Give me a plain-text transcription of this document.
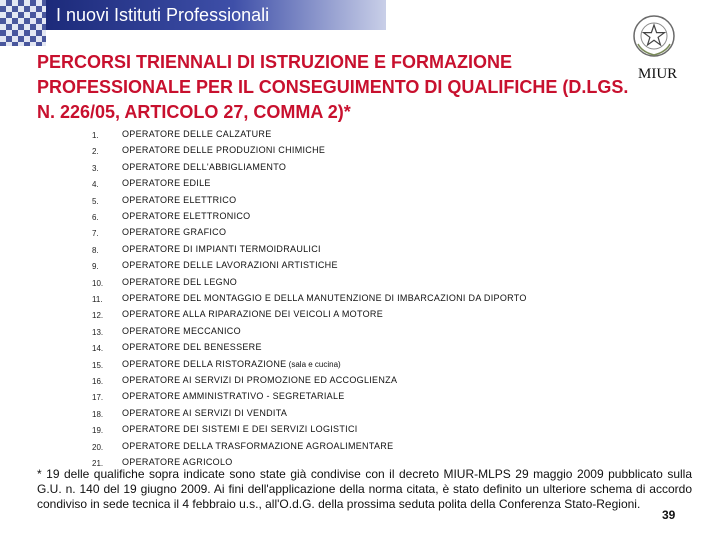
I nuovi Istituti Professionali
PERCORSI TRIENNALI DI ISTRUZIONE E FORMAZIONE PROFESSIONALE PER IL CONSEGUIMENTO DI QUALIFICHE (D.LGS. N. 226/05, ARTICOLO 27, COMMA 2)*
MIUR
1.	OPERATORE DELLE CALZATURE
2.	OPERATORE DELLE PRODUZIONI CHIMICHE
3.	OPERATORE DELL'ABBIGLIAMENTO
4.	OPERATORE EDILE
5.	OPERATORE ELETTRICO
6.	OPERATORE ELETTRONICO
7.	OPERATORE GRAFICO
8.	OPERATORE DI IMPIANTI TERMOIDRAULICI
9.	OPERATORE DELLE LAVORAZIONI ARTISTICHE
10.	OPERATORE DEL LEGNO
11.	OPERATORE DEL MONTAGGIO E DELLA MANUTENZIONE DI IMBARCAZIONI DA DIPORTO
12.	OPERATORE ALLA RIPARAZIONE DEI VEICOLI A MOTORE
13.	OPERATORE MECCANICO
14.	OPERATORE DEL BENESSERE
15.	OPERATORE DELLA RISTORAZIONE (sala e cucina)
16.	OPERATORE AI SERVIZI DI PROMOZIONE ED ACCOGLIENZA
17.	OPERATORE AMMINISTRATIVO - SEGRETARIALE
18.	OPERATORE AI SERVIZI DI VENDITA
19.	OPERATORE DEI SISTEMI E DEI SERVIZI LOGISTICI
20.	OPERATORE DELLA TRASFORMAZIONE AGROALIMENTARE
21.	OPERATORE AGRICOLO
* 19 delle qualifiche sopra indicate sono state già condivise con il decreto MIUR-MLPS 29 maggio 2009 pubblicato sulla G.U. n. 140 del 19 giugno 2009. Ai fini dell'applicazione della norma citata, è stato definito un ulteriore schema di accordo condiviso in sede tecnica il 4 febbraio u.s., all'O.d.G. della prossima seduta polita della Conferenza Stato-Regioni.
39
